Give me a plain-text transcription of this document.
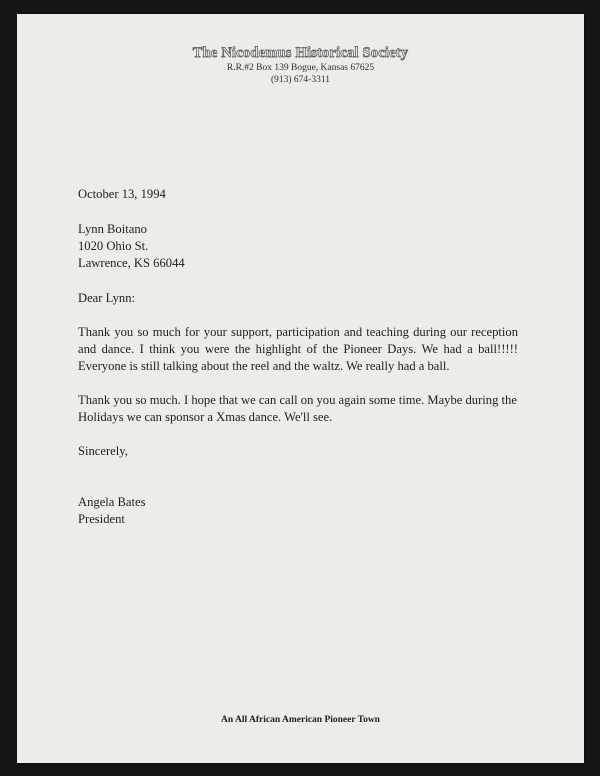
The Nicodemus Historical Society
R.R.#2 Box 139 Bogue, Kansas 67625
(913) 674-3311
October 13, 1994
Lynn Boitano
1020 Ohio St.
Lawrence, KS 66044
Dear Lynn:
Thank you so much for your support, participation and teaching during our reception and dance. I think you were the highlight of the Pioneer Days. We had a ball!!!!! Everyone is still talking about the reel and the waltz. We really had a ball.
Thank you so much. I hope that we can call on you again some time. Maybe during the Holidays we can sponsor a Xmas dance. We'll see.
Sincerely,
Angela Bates
President
An All African American Pioneer Town
